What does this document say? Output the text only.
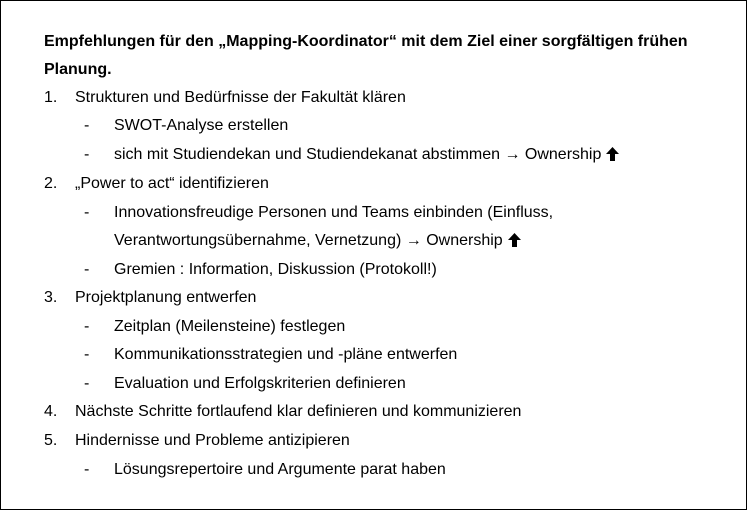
Empfehlungen für den „Mapping-Koordinator“ mit dem Ziel einer sorgfältigen frühen Planung.
1. Strukturen und Bedürfnisse der Fakultät klären
- SWOT-Analyse erstellen
- sich mit Studiendekan und Studiendekanat abstimmen → Ownership
2. „Power to act“ identifizieren
- Innovationsfreudige Personen und Teams einbinden (Einfluss,
Verantwortungsübernahme, Vernetzung) → Ownership
- Gremien : Information, Diskussion (Protokoll!)
3. Projektplanung entwerfen
- Zeitplan (Meilensteine) festlegen
- Kommunikationsstrategien und -pläne entwerfen
- Evaluation und Erfolgskriterien definieren
4. Nächste Schritte fortlaufend klar definieren und kommunizieren
5. Hindernisse und Probleme antizipieren
- Lösungsrepertoire und Argumente parat haben
